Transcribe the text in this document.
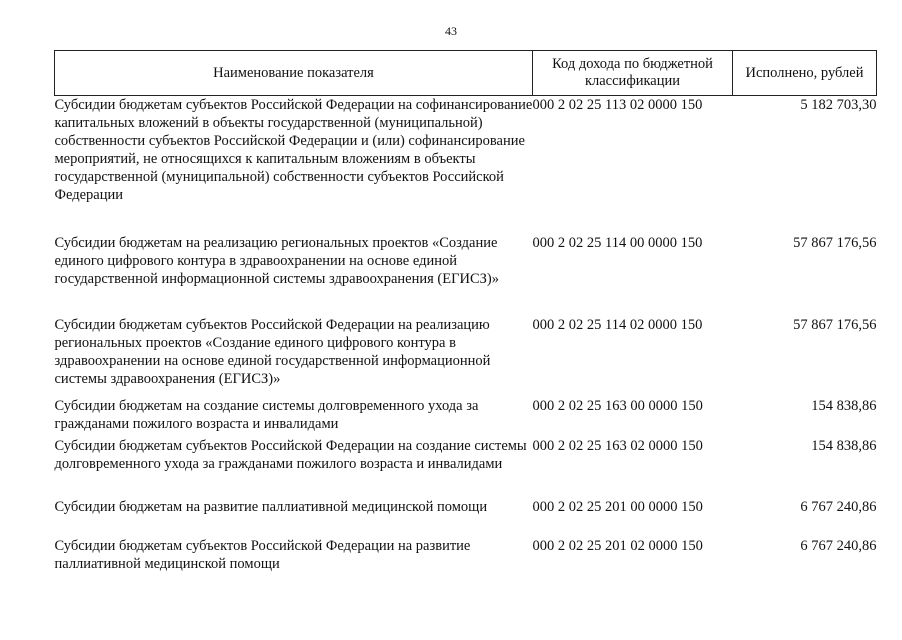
43
Наименование показателя	Код дохода по бюджетной классификации	Исполнено, рублей
Субсидии бюджетам субъектов Российской Федерации на софинансирование капитальных вложений в объекты государственной (муниципальной) собственности субъектов Российской Федерации и (или) софинансирование мероприятий, не относящихся к капитальным вложениям в объекты государственной (муниципальной) собственности субъектов Российской Федерации	000 2 02 25 113 02 0000 150	5 182 703,30
Субсидии бюджетам на реализацию региональных проектов «Создание единого цифрового контура в здравоохранении на основе единой государственной информационной системы здравоохранения (ЕГИСЗ)»	000 2 02 25 114 00 0000 150	57 867 176,56
Субсидии бюджетам субъектов Российской Федерации на реализацию региональных проектов «Создание единого цифрового контура в здравоохранении на основе единой государственной информационной системы здравоохранения (ЕГИСЗ)»	000 2 02 25 114 02 0000 150	57 867 176,56
Субсидии бюджетам на создание системы долговременного ухода за гражданами пожилого возраста и инвалидами	000 2 02 25 163 00 0000 150	154 838,86
Субсидии бюджетам субъектов Российской Федерации на создание системы долговременного ухода за гражданами пожилого возраста и инвалидами	000 2 02 25 163 02 0000 150	154 838,86
Субсидии бюджетам на развитие паллиативной медицинской помощи	000 2 02 25 201 00 0000 150	6 767 240,86
Субсидии бюджетам субъектов Российской Федерации на развитие паллиативной медицинской помощи	000 2 02 25 201 02 0000 150	6 767 240,86
